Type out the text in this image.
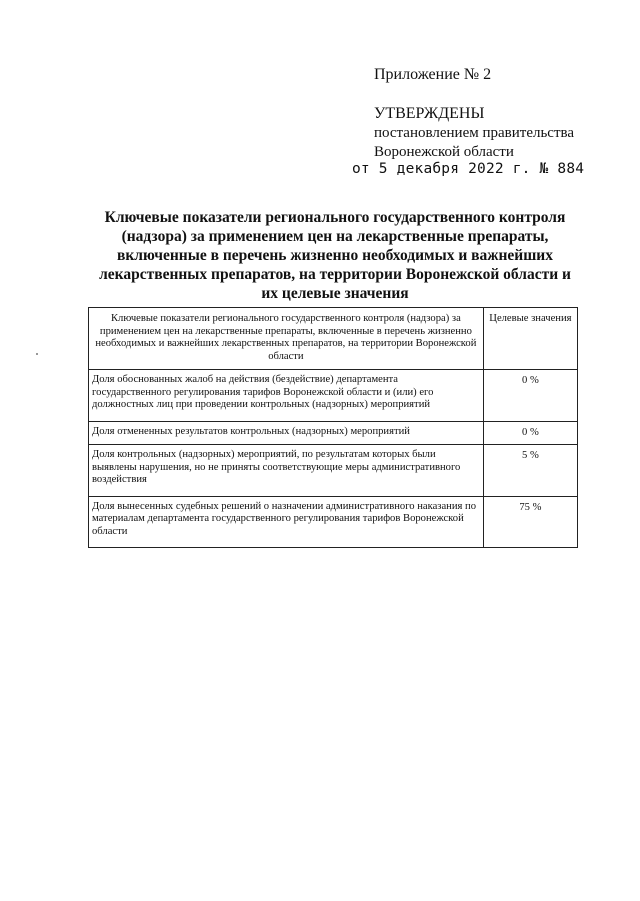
Приложение № 2
УТВЕРЖДЕНЫ
постановлением правительства
Воронежской области
от 5 декабря 2022 г. № 884
Ключевые показатели регионального государственного контроля (надзора) за применением цен на лекарственные препараты, включенные в перечень жизненно необходимых и важнейших лекарственных препаратов, на территории Воронежской области и их целевые значения
Ключевые показатели регионального государственного контроля (надзора) за применением цен на лекарственные препараты, включенные в перечень жизненно необходимых и важнейших лекарственных препаратов, на территории Воронежской области	Целевые значения
Доля обоснованных жалоб на действия (бездействие) департамента государственного регулирования тарифов Воронежской области и (или) его должностных лиц при проведении контрольных (надзорных) мероприятий	0 %
Доля отмененных результатов контрольных (надзорных) мероприятий	0 %
Доля контрольных (надзорных) мероприятий, по результатам которых были выявлены нарушения, но не приняты соответствующие меры административного воздействия	5 %
Доля вынесенных судебных решений о назначении административного наказания по материалам департамента государственного регулирования тарифов Воронежской области	75 %
